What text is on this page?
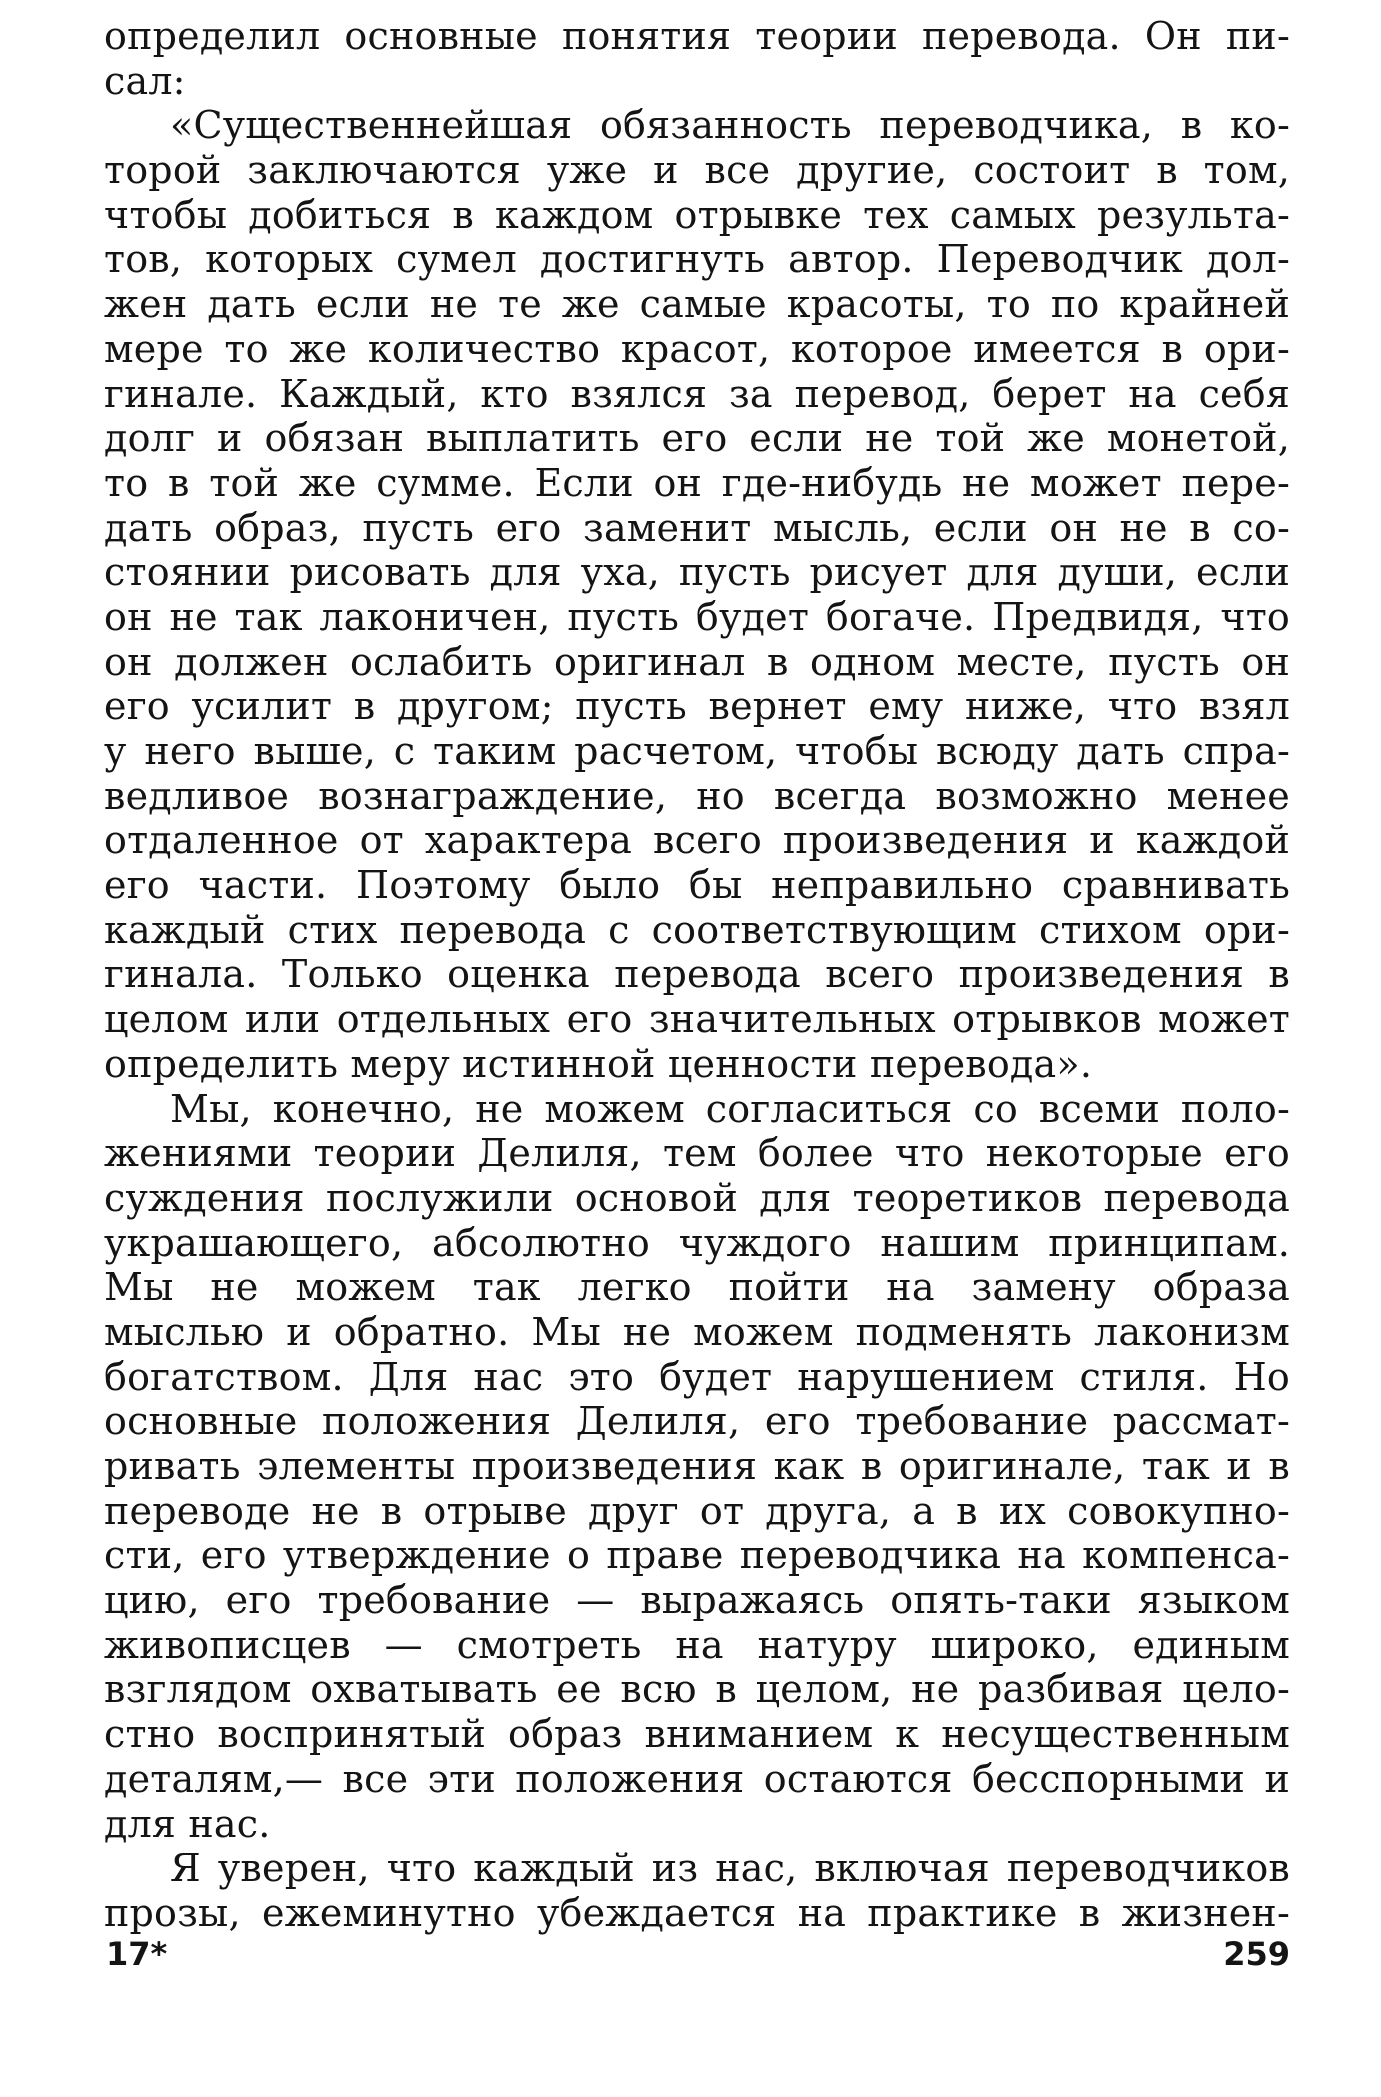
определил основные понятия теории перевода. Он пи-
сал:
«Существеннейшая обязанность переводчика, в ко-
торой заключаются уже и все другие, состоит в том,
чтобы добиться в каждом отрывке тех самых результа-
тов, которых сумел достигнуть автор. Переводчик дол-
жен дать если не те же самые красоты, то по крайней
мере то же количество красот, которое имеется в ори-
гинале. Каждый, кто взялся за перевод, берет на себя
долг и обязан выплатить его если не той же монетой,
то в той же сумме. Если он где-нибудь не может пере-
дать образ, пусть его заменит мысль, если он не в со-
стоянии рисовать для уха, пусть рисует для души, если
он не так лаконичен, пусть будет богаче. Предвидя, что
он должен ослабить оригинал в одном месте, пусть он
его усилит в другом; пусть вернет ему ниже, что взял
у него выше, с таким расчетом, чтобы всюду дать спра-
ведливое вознаграждение, но всегда возможно менее
отдаленное от характера всего произведения и каждой
его части. Поэтому было бы неправильно сравнивать
каждый стих перевода с соответствующим стихом ори-
гинала. Только оценка перевода всего произведения в
целом или отдельных его значительных отрывков может
определить меру истинной ценности перевода».
Мы, конечно, не можем согласиться со всеми поло-
жениями теории Делиля, тем более что некоторые его
суждения послужили основой для теоретиков перевода
украшающего, абсолютно чуждого нашим принципам.
Мы не можем так легко пойти на замену образа
мыслью и обратно. Мы не можем подменять лаконизм
богатством. Для нас это будет нарушением стиля. Но
основные положения Делиля, его требование рассмат-
ривать элементы произведения как в оригинале, так и в
переводе не в отрыве друг от друга, а в их совокупно-
сти, его утверждение о праве переводчика на компенса-
цию, его требование — выражаясь опять-таки языком
живописцев — смотреть на натуру широко, единым
взглядом охватывать ее всю в целом, не разбивая цело-
стно воспринятый образ вниманием к несущественным
деталям,— все эти положения остаются бесспорными и
для нас.
Я уверен, что каждый из нас, включая переводчиков
прозы, ежеминутно убеждается на практике в жизнен-
17*	259
